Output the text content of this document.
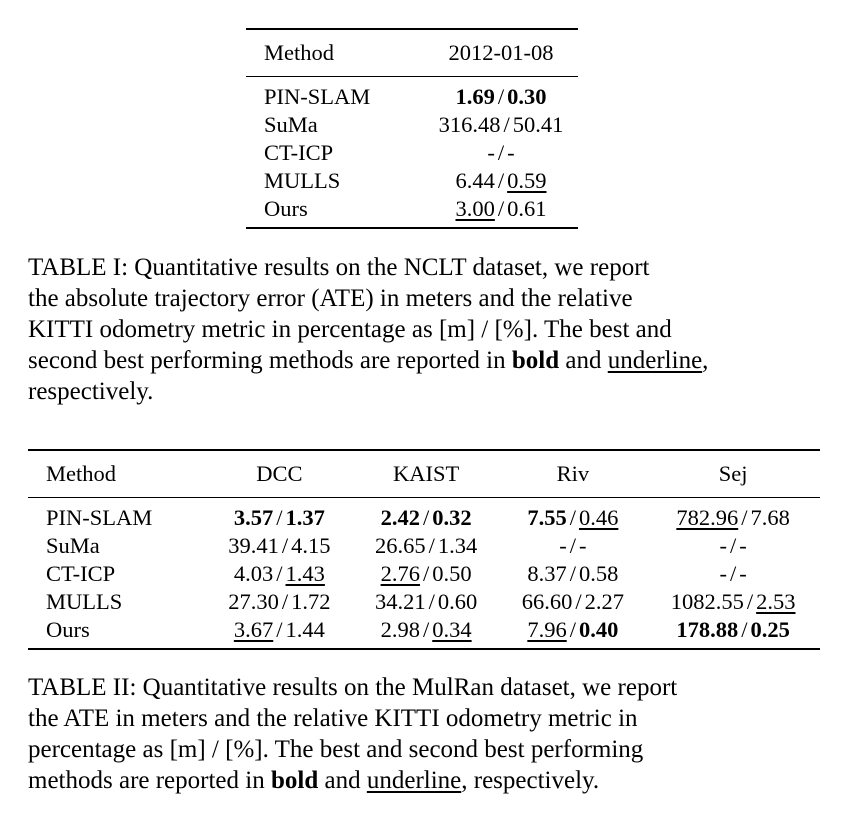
Method	2012-01-08

PIN-SLAM	1.69 / 0.30
SuMa	316.48 / 50.41
CT-ICP	- / -
MULLS	6.44 / 0.59
Ours	3.00 / 0.61
TABLE I: Quantitative results on the NCLT dataset, we report
the absolute trajectory error (ATE) in meters and the relative
KITTI odometry metric in percentage as [m] / [%]. The best and
second best performing methods are reported in bold and underline,
respectively.
Method	DCC	KAIST	Riv	Sej

PIN-SLAM	3.57 / 1.37	2.42 / 0.32	7.55 / 0.46	782.96 / 7.68
SuMa	39.41 / 4.15	26.65 / 1.34	- / -	- / -
CT-ICP	4.03 / 1.43	2.76 / 0.50	8.37 / 0.58	- / -
MULLS	27.30 / 1.72	34.21 / 0.60	66.60 / 2.27	1082.55 / 2.53
Ours	3.67 / 1.44	2.98 / 0.34	7.96 / 0.40	178.88 / 0.25
TABLE II: Quantitative results on the MulRan dataset, we report
the ATE in meters and the relative KITTI odometry metric in
percentage as [m] / [%]. The best and second best performing
methods are reported in bold and underline, respectively.
